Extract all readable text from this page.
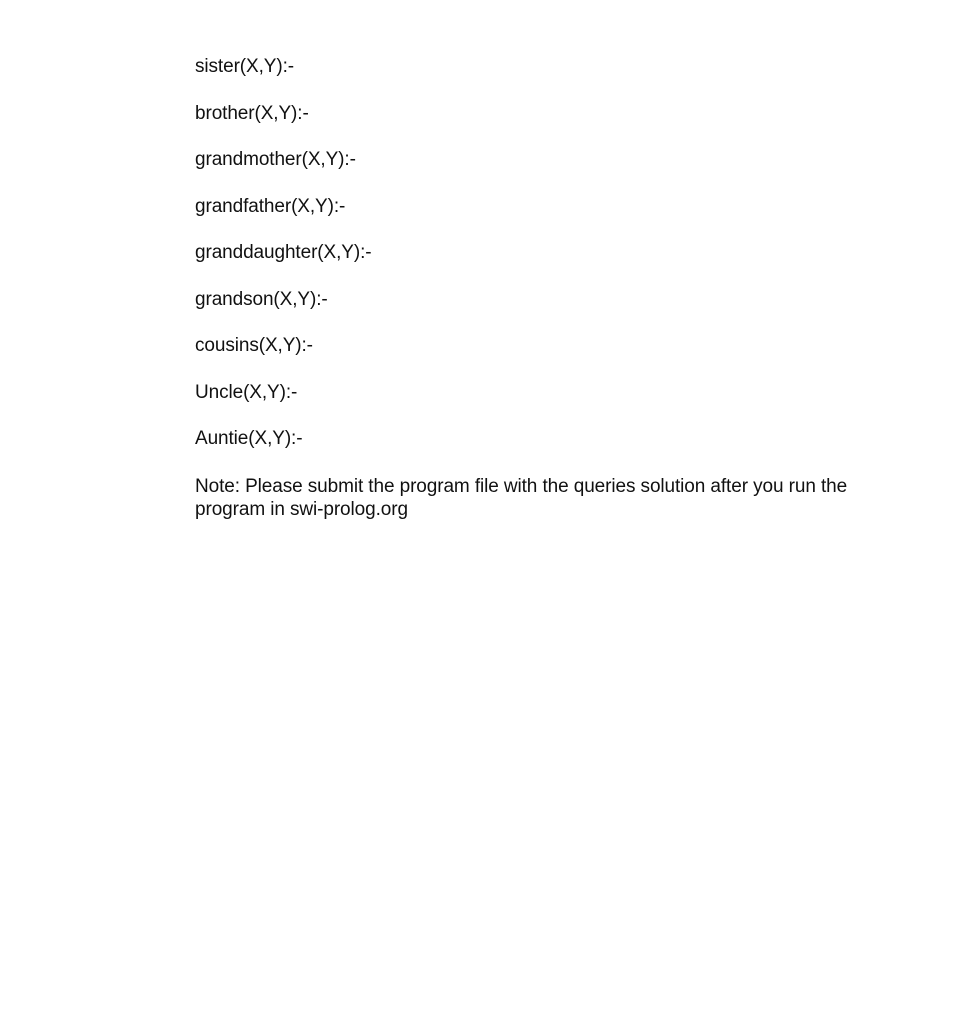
sister(X,Y):-
brother(X,Y):-
grandmother(X,Y):-
grandfather(X,Y):-
granddaughter(X,Y):-
grandson(X,Y):-
cousins(X,Y):-
Uncle(X,Y):-
Auntie(X,Y):-

Note: Please submit the program file with the queries solution after you run the program in swi-prolog.org
